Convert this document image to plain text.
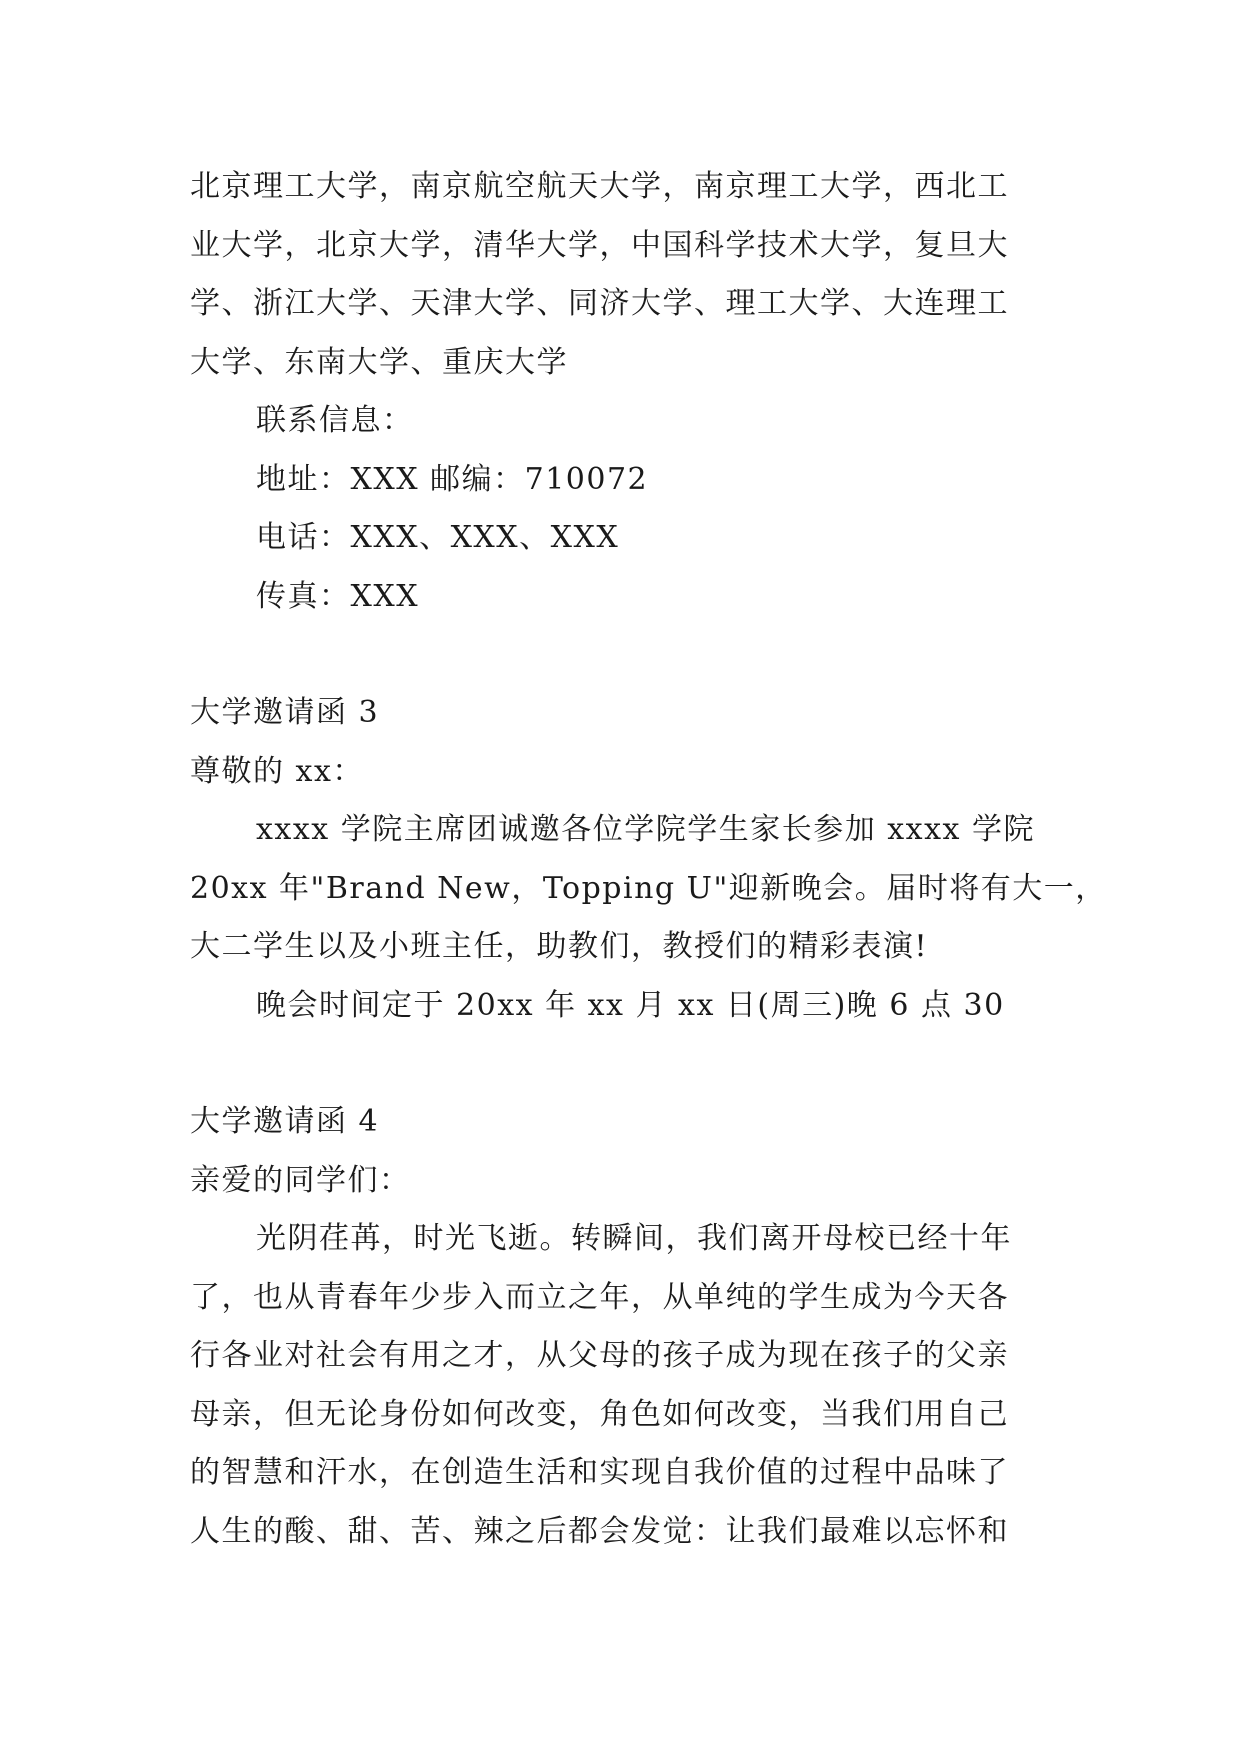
北京理工大学，南京航空航天大学，南京理工大学，西北工
业大学，北京大学，清华大学，中国科学技术大学，复旦大
学、浙江大学、天津大学、同济大学、理工大学、大连理工
大学、东南大学、重庆大学
联系信息：
地址：XXX 邮编：710072
电话：XXX、XXX、XXX
传真：XXX
大学邀请函 3
尊敬的 xx：
xxxx 学院主席团诚邀各位学院学生家长参加 xxxx 学院
20xx 年"Brand New，Topping U"迎新晚会。届时将有大一，
大二学生以及小班主任，助教们，教授们的精彩表演!
晚会时间定于 20xx 年 xx 月 xx 日(周三)晚 6 点 30
大学邀请函 4
亲爱的同学们：
光阴荏苒，时光飞逝。转瞬间，我们离开母校已经十年
了，也从青春年少步入而立之年，从单纯的学生成为今天各
行各业对社会有用之才，从父母的孩子成为现在孩子的父亲
母亲，但无论身份如何改变，角色如何改变，当我们用自己
的智慧和汗水，在创造生活和实现自我价值的过程中品味了
人生的酸、甜、苦、辣之后都会发觉：让我们最难以忘怀和
